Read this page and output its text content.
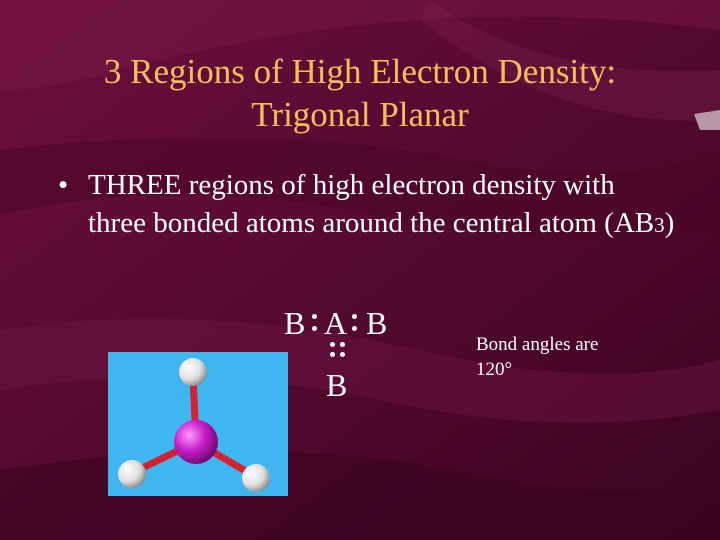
3 Regions of High Electron Density:
Trigonal Planar
• THREE regions of high electron density with three bonded atoms around the central atom (AB3)
B A B
B
Bond angles are 120°
